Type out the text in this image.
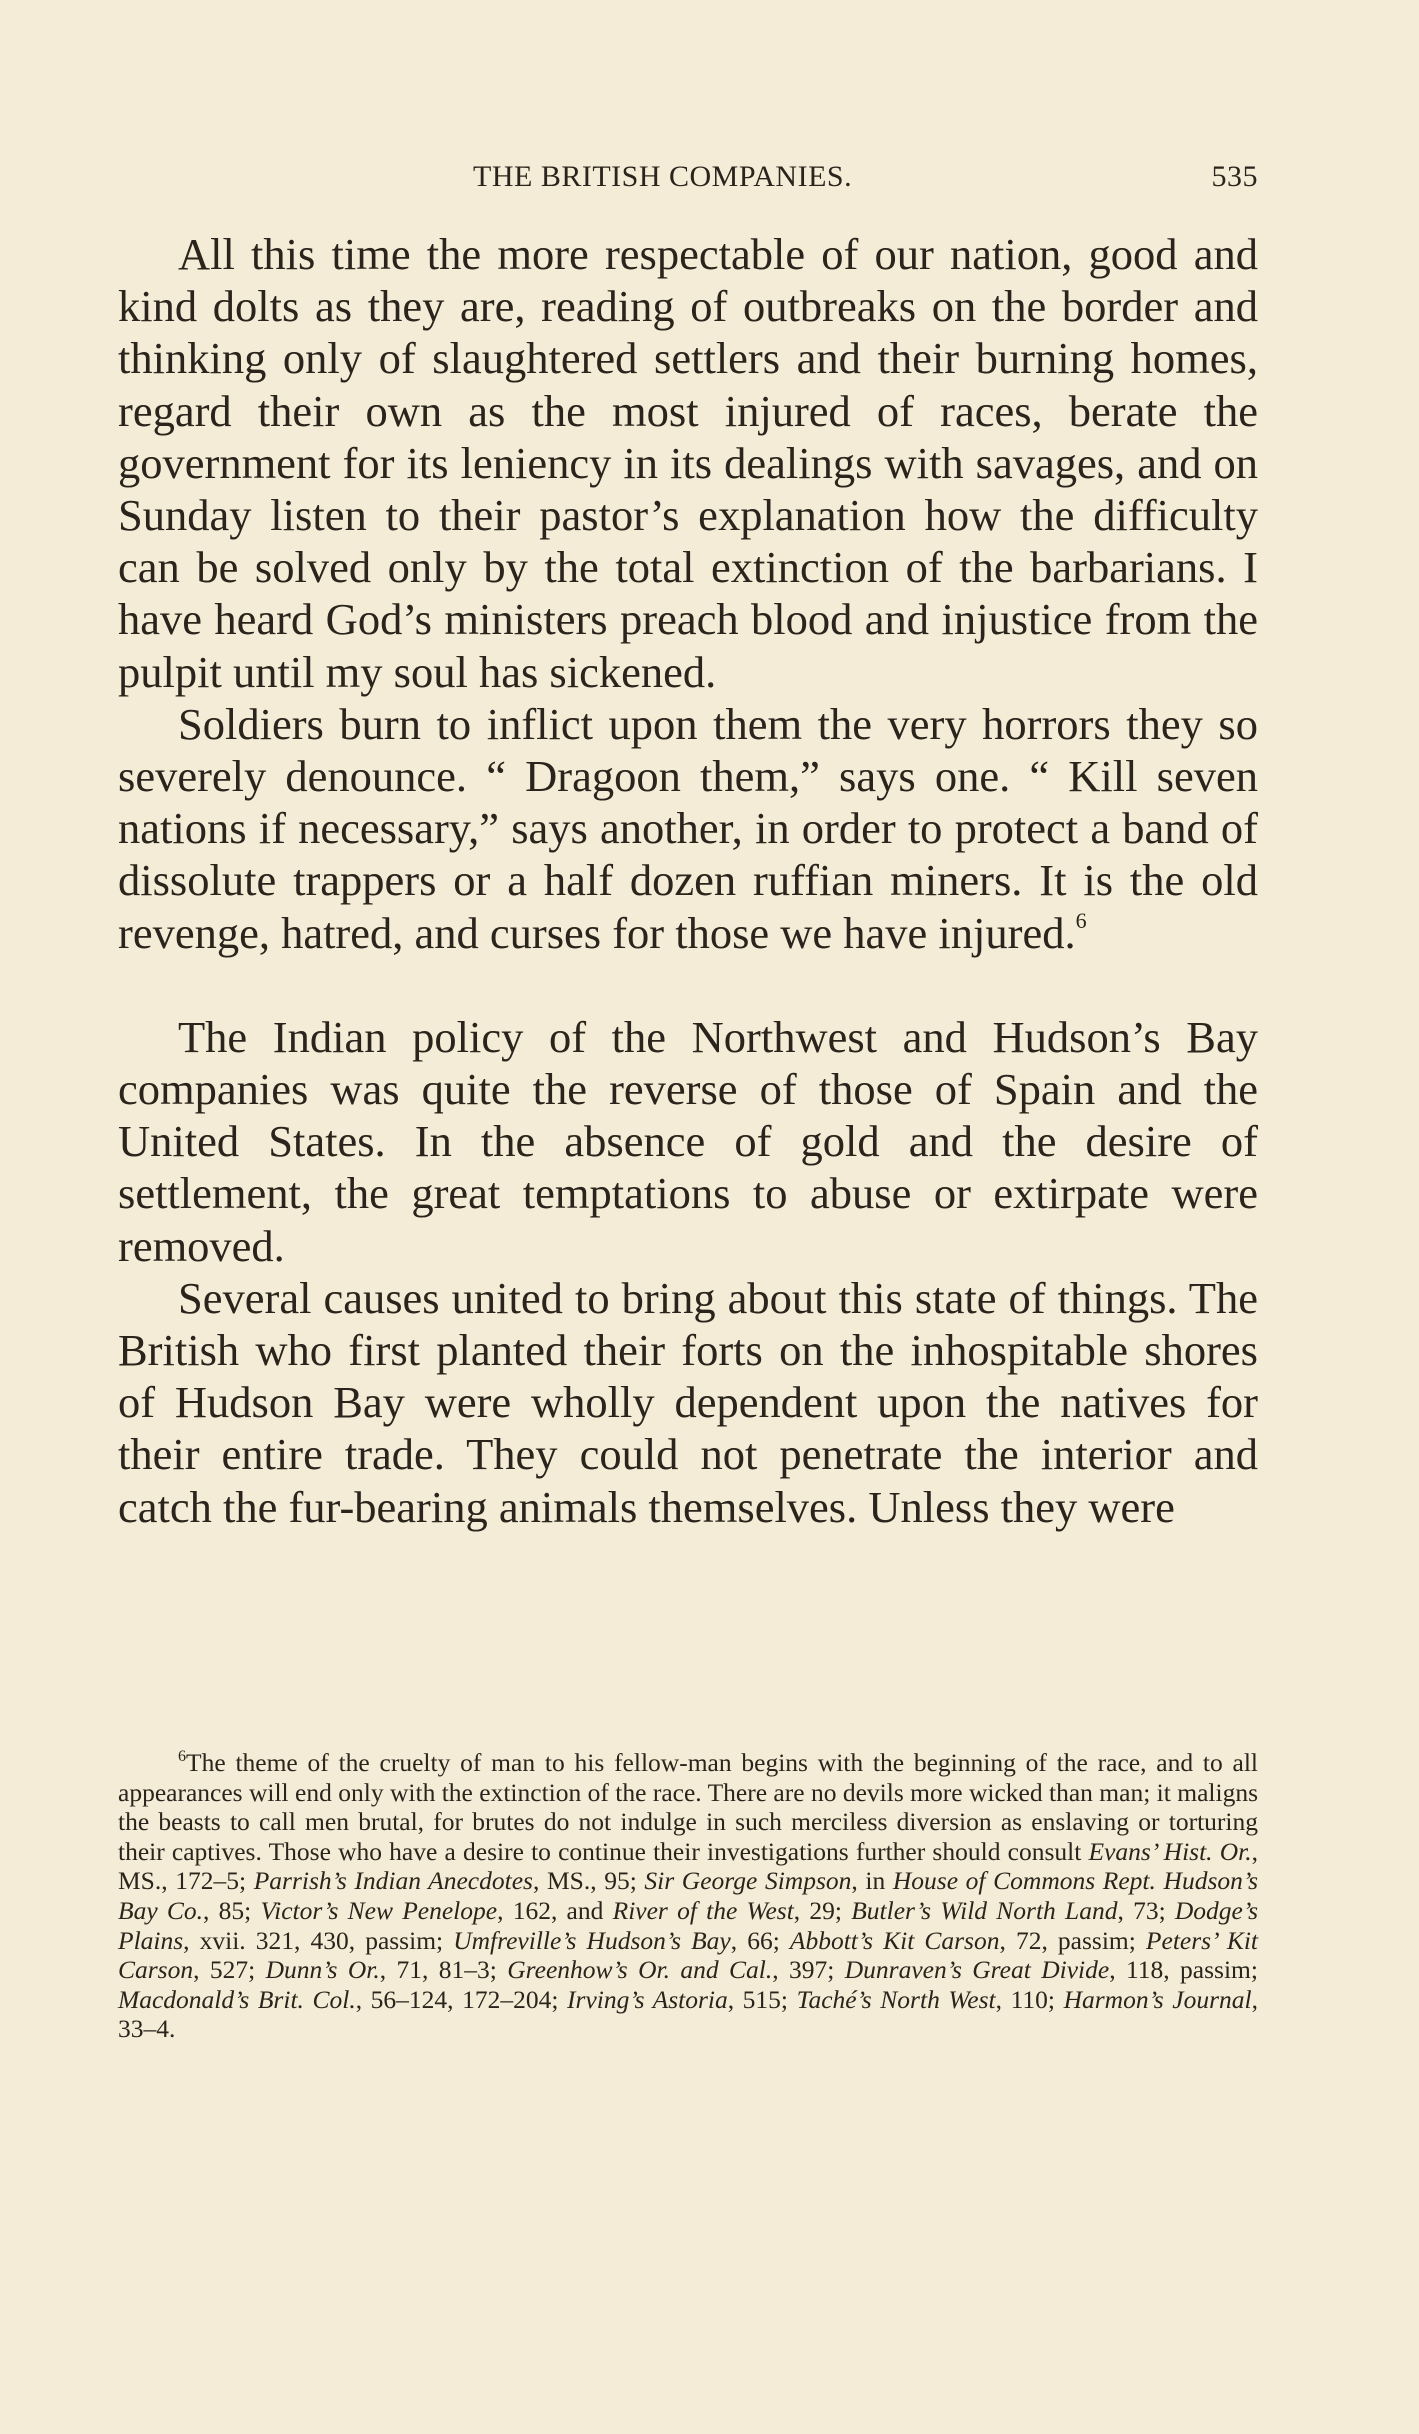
THE BRITISH COMPANIES.	535

All this time the more respectable of our nation, good and kind dolts as they are, reading of outbreaks on the border and thinking only of slaughtered settlers and their burning homes, regard their own as the most injured of races, berate the government for its leniency in its dealings with savages, and on Sunday listen to their pastor’s explanation how the difficulty can be solved only by the total extinction of the barbarians. I have heard God’s ministers preach blood and injustice from the pulpit until my soul has sickened.

Soldiers burn to inflict upon them the very horrors they so severely denounce. “ Dragoon them,” says one. “ Kill seven nations if necessary,” says another, in order to protect a band of dissolute trappers or a half dozen ruffian miners. It is the old revenge, hatred, and curses for those we have injured.$^6$

The Indian policy of the Northwest and Hudson’s Bay companies was quite the reverse of those of Spain and the United States. In the absence of gold and the desire of settlement, the great temptations to abuse or extirpate were removed.

Several causes united to bring about this state of things. The British who first planted their forts on the inhospitable shores of Hudson Bay were wholly dependent upon the natives for their entire trade. They could not penetrate the interior and catch the fur-bearing animals themselves. Unless they were

$^6$The theme of the cruelty of man to his fellow-man begins with the beginning of the race, and to all appearances will end only with the extinction of the race. There are no devils more wicked than man; it maligns the beasts to call men brutal, for brutes do not indulge in such merciless diversion as enslaving or torturing their captives. Those who have a desire to continue their investigations further should consult Evans’ Hist. Or., MS., 172–5; Parrish’s Indian Anecdotes, MS., 95; Sir George Simpson, in House of Commons Rept. Hudson’s Bay Co., 85; Victor’s New Penelope, 162, and River of the West, 29; Butler’s Wild North Land, 73; Dodge’s Plains, xvii. 321, 430, passim; Umfreville’s Hudson’s Bay, 66; Abbott’s Kit Carson, 72, passim; Peters’ Kit Carson, 527; Dunn’s Or., 71, 81–3; Greenhow’s Or. and Cal., 397; Dunraven’s Great Divide, 118, passim; Macdonald’s Brit. Col., 56–124, 172–204; Irving’s Astoria, 515; Taché’s North West, 110; Harmon’s Journal, 33–4.
